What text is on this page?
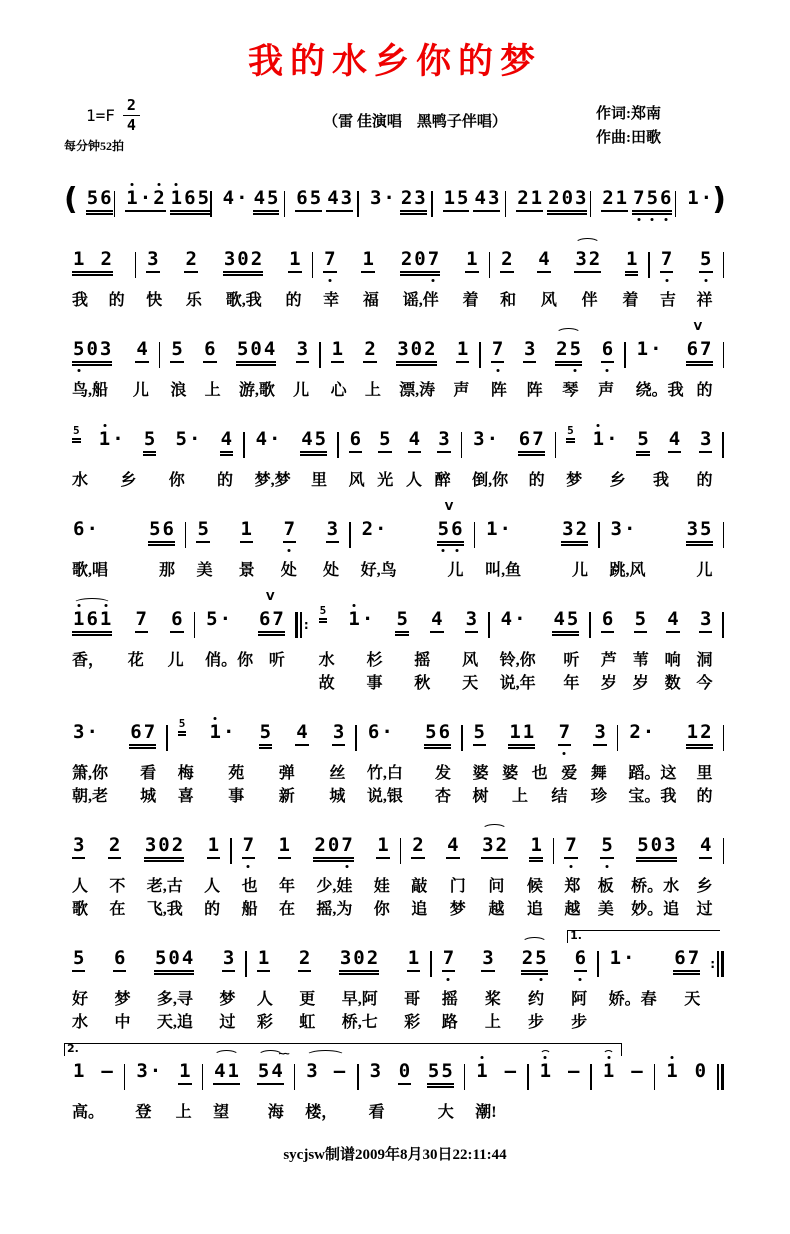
我的水乡你的梦
$1=F \frac{2}{4}$
每分钟52拍
（雷 佳演唱　黑鸭子伴唱）	作词:郑南
作曲:田歌
( 5 6 1 · 2 1 6 5 4 · 4 5 6 5 4 3 3 · 2 3 1 5 4 3 2 1 2 0 3 2 1 7 5 6 1 · )
1
2
我 的
3 2 3 0 2 1
快 乐 歌,我 的
7 1 2 0 7 1
幸 福 谣,伴 着
2 4 3 2 1
和 风 伴 着
7 5
吉 祥
5 0 3 4
鸟,船 儿
5 6 5 0 4 3
浪 上 游,歌 儿
1 2 3 0 2 1
心 上 漂,涛 声
7 3 2 5 6
阵 阵 琴 声
1 · 6 7
V
绕。我 的
5 1 · 5 5 · 4
水 乡 你 的
4 · 4 5
梦,梦 里
6 5 4 3
风 光 人 醉
3 · 6 7
倒,你 的
5 1 · 5 4 3
梦 乡 我 的
6 ·	5 6
歌,唱	那
5 1 7 3
美 景 处 处
2 ·	5 6
V
好,鸟	儿
1 ·	3 2
叫,鱼	儿
3 ·	3 5
跳,风	儿
1 6 1 7 6
香， 花 儿

5 · 6 7
V
俏。你 听

:
5 1 · 5 4 3
水 杉 摇 风
故 事 秋 天
4 · 4 5
铃,你 听
说,年 年
6 5 4 3
芦 苇 响 洞
岁 岁 数 今
3 · 6 7
箫,你 看
朝,老 城
5 1 · 5 4 3
梅 苑 弹 丝
喜 事 新 城
6 · 5 6
竹,白 发
说,银 杏
5 1 1 7 3
婆 婆 也 爱 舞
树 上 结 珍
2 · 1 2
蹈。这 里
宝。我 的
3 2 3 0 2 1
人 不 老,古 人
歌 在 飞,我 的
7 1 2 0 7 1
也 年 少,娃 娃
船 在 摇,为 你
2 4 3 2 1
敲 门 问 候
追 梦 越 追
7 5 5 0 3 4
郑 板 桥。水 乡
越 美 妙。追 过
1.
5 6 5 0 4 3
好 梦 多,寻 梦
水 中 天,追 过
1 2 3 0 2 1
人 更 早,阿 哥
彩 虹 桥,七 彩
7 3 2 5 6
摇 桨 约 阿
路 上 步 步
1 · 6 7
娇。春 天

:
2.
1 –
高。
3 · 1
登 上
4 1 5 4
~~
望 海
3
–
楼，
3 0 5 5
看	大
1 –
潮!
1 –

1 –

1 0

sycjsw制谱2009年8月30日22:11:44
